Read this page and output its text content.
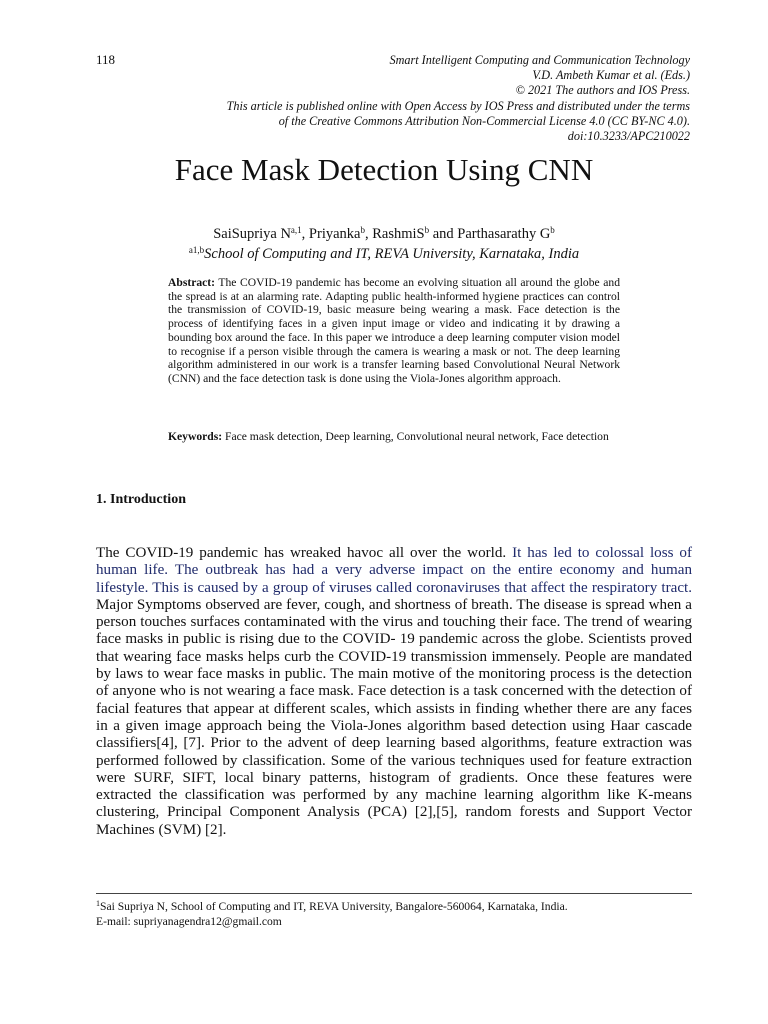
118	Smart Intelligent Computing and Communication Technology
V.D. Ambeth Kumar et al. (Eds.)
© 2021 The authors and IOS Press.
This article is published online with Open Access by IOS Press and distributed under the terms
of the Creative Commons Attribution Non-Commercial License 4.0 (CC BY-NC 4.0).
doi:10.3233/APC210022
Face Mask Detection Using CNN
SaiSupriya N$^{a,1}$, Priyanka$^b$, RashmiS$^b$ and Parthasarathy $G^b$
$^{a1,b}$School of Computing and IT, REVA University, Karnataka, India
Abstract: The COVID-19 pandemic has become an evolving situation all around the globe and the spread is at an alarming rate. Adapting public health-informed hygiene practices can control the transmission of COVID-19, basic measure being wearing a mask. Face detection is the process of identifying faces in a given input image or video and indicating it by drawing a bounding box around the face. In this paper we introduce a deep learning computer vision model to recognise if a person visible through the camera is wearing a mask or not. The deep learning algorithm administered in our work is a transfer learning based Convolutional Neural Network (CNN) and the face detection task is done using the Viola-Jones algorithm approach.
Keywords: Face mask detection, Deep learning, Convolutional neural network, Face detection
1. Introduction
The COVID-19 pandemic has wreaked havoc all over the world. It has led to colossal loss of human life. The outbreak has had a very adverse impact on the entire economy and human lifestyle. This is caused by a group of viruses called coronaviruses that affect the respiratory tract. Major Symptoms observed are fever, cough, and shortness of breath. The disease is spread when a person touches surfaces contaminated with the virus and touching their face. The trend of wearing face masks in public is rising due to the COVID- 19 pandemic across the globe. Scientists proved that wearing face masks helps curb the COVID-19 transmission immensely. People are mandated by laws to wear face masks in public. The main motive of the monitoring process is the detection of anyone who is not wearing a face mask. Face detection is a task concerned with the detection of facial features that appear at different scales, which assists in finding whether there are any faces in a given image approach being the Viola-Jones algorithm based detection using Haar cascade classifiers[4], [7]. Prior to the advent of deep learning based algorithms, feature extraction was performed followed by classification. Some of the various techniques used for feature extraction were SURF, SIFT, local binary patterns, histogram of gradients. Once these features were extracted the classification was performed by any machine learning algorithm like K-means clustering, Principal Component Analysis (PCA) [2],[5], random forests and Support Vector Machines (SVM) [2].
$^1$Sai Supriya N, School of Computing and IT, REVA University, Bangalore-560064, Karnataka, India.
E-mail: supriyanagendra12@gmail.com
